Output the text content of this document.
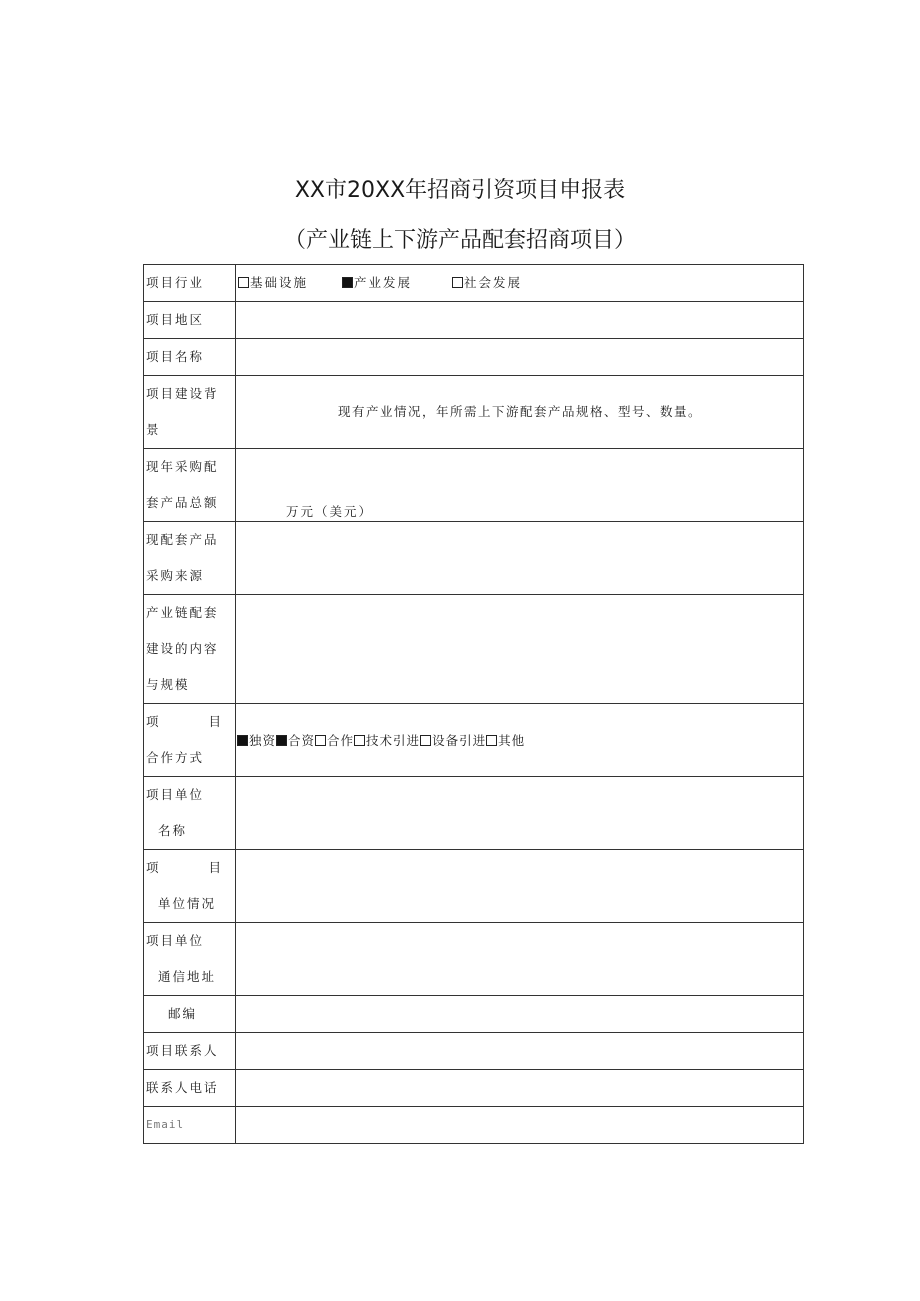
XX市20XX年招商引资项目申报表
（产业链上下游产品配套招商项目）
项目行业	基础设施 产业发展 社会发展

项目地区	

项目名称	

项目建设背
景	现有产业情况，年所需上下游配套产品规格、型号、数量。

现年采购配
套产品总额	万元（美元）

现配套产品
采购来源	

产业链配套
建设的内容
与规模	

项 目
合作方式	独资 合资 合作 技术引进 设备引进 其他

项目单位
名称	

项 目
单位情况	

项目单位
通信地址	

邮编	

项目联系人	

联系人电话	

Email	
